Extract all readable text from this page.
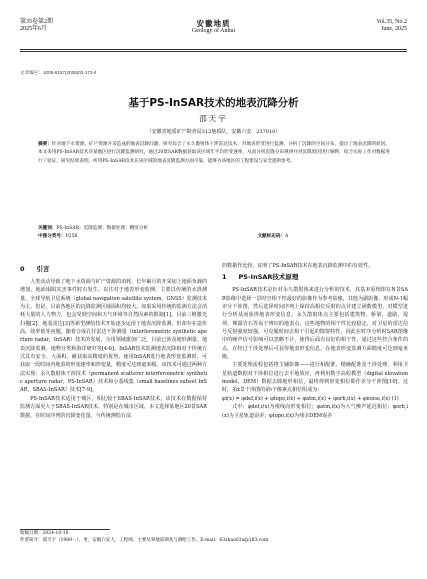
第35卷第2期
2025年6月
安徽地质
Geology of Anhui
Vol.35, No.2
June, 2025
文章编号：1005-6157(2025)02-172-4
基于PS-InSAR技术的地表沉降分析
邵天宇
（安徽省地质矿产勘查局313地质队，安徽六安　237010）
摘要：针对地下水资源、矿产资源开采造成的地表沉降问题，研究综合了永久散射体干涉雷达技术，对地表形变进行监测，分析了沉降的空间分布，提出了地表沉降的原因。本文采用PS-InSAR技术对某地区进行沉降监测研究，通过20景SAR数据获取该区域年平均形变速率，从而分析沉降分布规律并对沉降原因进行解释，结合实际工作对数据进行了验证。研究结果表明，所用PS-InSAR技术在该区域的地表沉降监测方面可靠，能够为该地区的工程建设与安全提供参考。
关键词：PS-InSAR；沉降监测；数据处理；精度分析
中图分类号：P258	文献标志码：A
0 引言

人类活动导致了地下水资源与矿产资源的消耗，长年累月的开采加上地面负载的增加，地面塌陷灾害事件时有发生。以往对于地表形变监测，主要以传统的水准测量、全球导航卫星系统（global navigation satellite system，GNSS）监测技术为主。但是，目前各地区的沉降监测区域面积均较大，如果采用传统的监测方法会消耗大量的人力物力，也会受到空间和天气环境等自然因素的限制[1]。目前三维激光扫描[2]、地基雷达[3]等新型测绘技术开始逐步运用于地表沉降监测，但却存在造价高、效率低等问题。随着合成孔径雷达干涉测量（interferometric synthetic aperture radar，InSAR）技术的发展，全用领域愈加广泛，目前已涉及地形测量、地表沉降监测、地物分类和海洋研究等[4-6]。InSAR技术监测地表沉降相对于传统方式具有安全、大面积、耐获取高精度的优势。使用InSAR进行地表形变监测时，可获取一段时间内地表的形变速率和形变量，精度可达到毫米级。该技术可通过两种方法实现：永久散射体干涉技术（permanent scatterer interferometric synthetic aperture radar，PS-InSAR）技术和小基线集（small baselines subset InSAR，SBAS-InSAR）技术[7-9]。

PS-InSAR技术适用于城区，相比较于SBAS-InSAR技术，该技术在数据保持监测方面更大于SBAS-InSAR技术，特别是在城市区域。本文选择某地区20景SAR数据，在时间序列的沉降变化量，与传统测绘方法

的数据作比较，证明了PS-InSAR技术在地表沉降监测中的有效性。

1 PS-InSAR技术原理

PS-InSAR技术是针对永久散射体来进行分析的技术，其基本原理即在N景SAR影像中选择一景时空相干性最好的影像作为参考影像，其他为副影像，形成N-1幅差分干涉图，然后选择时间序列上保持高相位反射的点并建立函数模型，对模型进行分析从而获得地表形变信息。永久散射体点主要包括建筑物、桥梁、道路、堤坝、裸露岩石等易于辨识的地表点，这些地物的相干性比较稳定，对卫星的雷达信号反射强度较强，可克服时间去相干引起的散射特性，因此在时序分析时SAR图像中的噪声信号影响可以忽略不计，使得后面有良好的相干性，通过这些符合条件的点，在经过干涉处理后可获得地表形变信息，在地表形变监测方面精度可达到毫米级。

主要处理流程包括将主辅影像——进行相配准，精确配准及干涉处理，利用卫星轨道数据对干涉相位进行去平地效应，再利用数字高程模型（digital elevation model，DEM）数据去除地形相位，最终得到形变相位即作差分干涉图[10]。这时，第x景干涉图的第i个像素点相位组成为：

φi(x) = φdef,i(x) + φtopo,i(x) + φatm,i(x) + φorb,i(x) + φnoise,i(x) (1)

式中：φdef,i(x)为视线向形变相位；φatm,i(x)为大气噪声延迟相位；φorb,i(x)为卫星轨道误差；φtopo,i(x)为残余DEM误差

收稿日期：2024-10-16
作者简介：邵天宇（1989－），男，安徽六安人，工程师，主要从事地质调查与测绘工作。E-mail：63zhao03a@163.com
